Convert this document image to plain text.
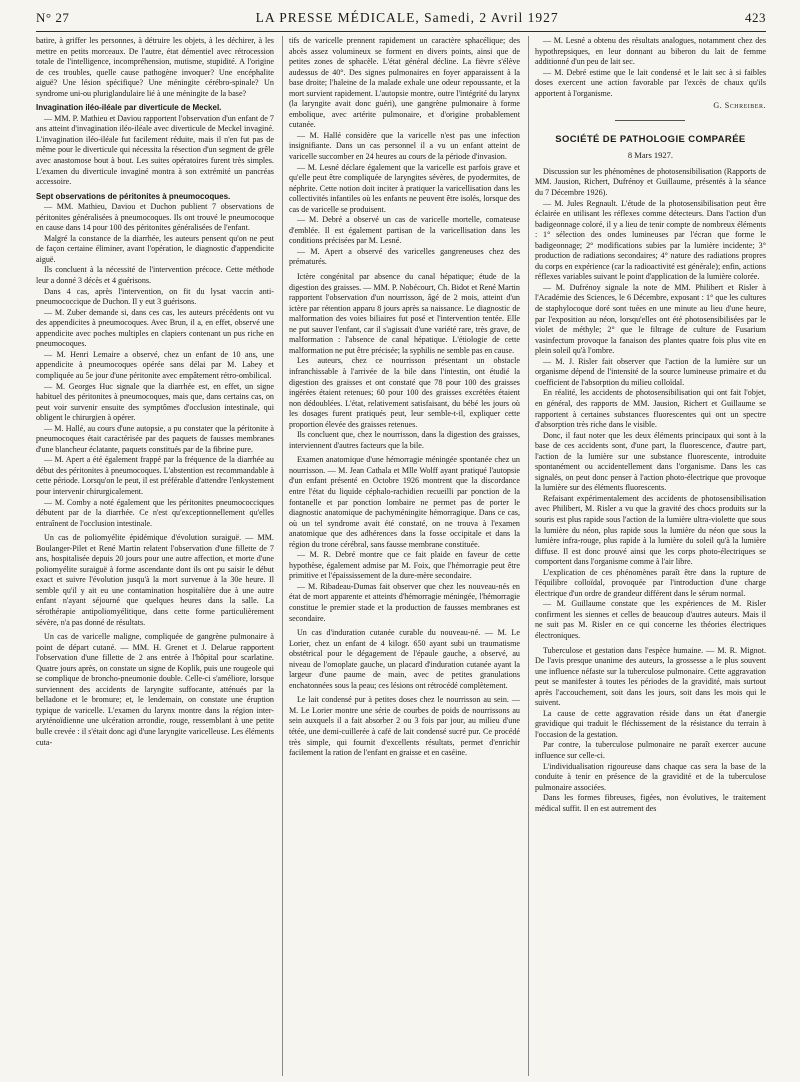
N° 27	LA PRESSE MÉDICALE, Samedi, 2 Avril 1927	423

batire, à griffer les personnes, à détruire les objets, à les déchirer, à les mettre en petits morceaux. De l'autre, état démentiel avec rétrocession totale de l'intelligence, incompréhension, mutisme, stupidité. A l'origine de ces troubles, quelle cause pathogène invoquer? Une encéphalite aiguë? Une lésion spécifique? Une méningite cérébro-spinale? Un syndrome uni-ou pluriglandulaire lié à une méningite de la base?

Invagination iléo-iléale par diverticule de Meckel.

— MM. P. Mathieu et Daviou rapportent l'observation d'un enfant de 7 ans atteint d'invagination iléo-iléale avec diverticule de Meckel invaginé. L'invagination iléo-iléale fut facilement réduite, mais il n'en fut pas de même pour le diverticule qui nécessita la résection d'un segment de grêle avec anastomose bout à bout. Les suites opératoires furent très simples. L'examen du diverticule invaginé montra à son extrémité un pancréas accessoire.

Sept observations de péritonites à pneumocoques.

— MM. Mathieu, Daviou et Duchon publient 7 observations de péritonites généralisées à pneumocoques. Ils ont trouvé le pneumocoque en cause dans 14 pour 100 des péritonites généralisées de l'enfant.

Malgré la constance de la diarrhée, les auteurs pensent qu'on ne peut de façon certaine éliminer, avant l'opération, le diagnostic d'appendicite aiguë.

Ils concluent à la nécessité de l'intervention précoce. Cette méthode leur a donné 3 décès et 4 guérisons.

Dans 4 cas, après l'intervention, on fit du lysat vaccin anti-pneumococcique de Duchon. Il y eut 3 guérisons.

— M. Zuber demande si, dans ces cas, les auteurs précédents ont vu des appendicites à pneumocoques. Avec Brun, il a, en effet, observé une appendicite avec poches multiples en clapiers contenant un pus riche en pneumocoques.

— M. Henri Lemaire a observé, chez un enfant de 10 ans, une appendicite à pneumocoques opérée sans délai par M. Labey et compliquée au 5e jour d'une péritonite avec empâtement rétro-ombilical.

— M. Georges Huc signale que la diarrhée est, en effet, un signe habituel des péritonites à pneumocoques, mais que, dans certains cas, on peut voir survenir ensuite des symptômes d'occlusion intestinale, qui obligent le chirurgien à opérer.

— M. Hallé, au cours d'une autopsie, a pu constater que la péritonite à pneumocoques était caractérisée par des paquets de fausses membranes d'une blancheur éclatante, paquets constitués par de la fibrine pure.

— M. Apert a été également frappé par la fréquence de la diarrhée au début des péritonites à pneumocoques. L'abstention est recommandable à cette période. Lorsqu'on le peut, il est préférable d'attendre l'enkystement pour intervenir chirurgicalement.

— M. Comby a noté également que les péritonites pneumococciques débutent par de la diarrhée. Ce n'est qu'exceptionnellement qu'elles entraînent de l'occlusion intestinale.

Un cas de poliomyélite épidémique d'évolution suraiguë. — MM. Boulanger-Pilet et René Martin relatent l'observation d'une fillette de 7 ans, hospitalisée depuis 20 jours pour une autre affection, et morte d'une poliomyélite suraiguë à forme ascendante dont ils ont pu saisir le début exact et suivre l'évolution jusqu'à la mort survenue à la 30e heure. Il semble qu'il y ait eu une contamination hospitalière due à une autre enfant n'ayant séjourné que quelques heures dans la salle. La sérothérapie antipoliomyélitique, dans cette forme particulièrement sévère, n'a pas donné de résultats.

Un cas de varicelle maligne, compliquée de gangrène pulmonaire à point de départ cutané. — MM. H. Grenet et J. Delarue rapportent l'observation d'une fillette de 2 ans entrée à l'hôpital pour scarlatine. Quatre jours après, on constate un signe de Koplik, puis une rougeole qui se complique de broncho-pneumonie double. Celle-ci s'améliore, lorsque surviennent des accidents de laryngite suffocante, atténués par la belladone et le bromure; et, le lendemain, on constate une éruption typique de varicelle. L'examen du larynx montre dans la région inter-aryténoïdienne une ulcération arrondie, rouge, ressemblant à une petite bulle crevée : il s'était donc agi d'une laryngite varicelleuse. Les éléments cuta-

tifs de varicelle prennent rapidement un caractère sphacélique; des abcès assez volumineux se forment en divers points, ainsi que de petites zones de sphacèle. L'état général décline. La fièvre s'élève audessus de 40°. Des signes pulmonaires en foyer apparaissent à la base droite; l'haleine de la malade exhale une odeur repoussante, et la mort survient rapidement. L'autopsie montre, outre l'intégrité du larynx (la laryngite avait donc guéri), une gangrène pulmonaire à forme embolique, avec artérite pulmonaire, et d'origine probablement cutanée.

— M. Hallé considère que la varicelle n'est pas une infection insignifiante. Dans un cas personnel il a vu un enfant atteint de varicelle succomber en 24 heures au cours de la période d'invasion.

— M. Lesné déclare également que la varicelle est parfois grave et qu'elle peut être compliquée de laryngites sévères, de pyodermites, de néphrite. Cette notion doit inciter à pratiquer la varicellisation dans les collectivités infantiles où les enfants ne peuvent être isolés, lorsque des cas de varicelle se produisent.

— M. Debré a observé un cas de varicelle mortelle, comateuse d'emblée. Il est également partisan de la varicellisation dans les conditions précisées par M. Lesné.

— M. Apert a observé des varicelles gangreneuses chez des prématurés.

Ictère congénital par absence du canal hépatique; étude de la digestion des graisses. — MM. P. Nobécourt, Ch. Bidot et René Martin rapportent l'observation d'un nourrisson, âgé de 2 mois, atteint d'un ictère par rétention apparu 8 jours après sa naissance. Le diagnostic de malformation des voies biliaires fut posé et l'intervention tentée. Elle ne put sauver l'enfant, car il s'agissait d'une variété rare, très grave, de malformation : l'absence de canal hépatique. L'étiologie de cette malformation ne put être précisée; la syphilis ne semble pas en cause.

Les auteurs, chez ce nourrisson présentant un obstacle infranchissable à l'arrivée de la bile dans l'intestin, ont étudié la digestion des graisses et ont constaté que 78 pour 100 des graisses ingérées étaient retenues; 60 pour 100 des graisses excrétées étaient non dédoublées. L'état, relativement satisfaisant, du bébé les jours où les dosages furent pratiqués peut, leur semble-t-il, expliquer cette proportion élevée des graisses retenues.

Ils concluent que, chez le nourrisson, dans la digestion des graisses, interviennent d'autres facteurs que la bile.

Examen anatomique d'une hémorragie méningée spontanée chez un nourrisson. — M. Jean Cathala et Mlle Wolff ayant pratiqué l'autopsie d'un enfant présenté en Octobre 1926 montrent que la discordance entre l'état du liquide céphalo-rachidien recueilli par ponction de la fontanelle et par ponction lombaire ne permet pas de porter le diagnostic anatomique de pachyméningite hémorragique. Dans ce cas, où un tel syndrome avait été constaté, on ne trouva à l'examen anatomique que des adhérences dans la fosse occipitale et dans la région du trone cérébral, sans fausse membrane constituée.

— M. R. Debré montre que ce fait plaide en faveur de cette hypothèse, également admise par M. Foix, que l'hémorragie peut être primitive et l'épaississement de la dure-mère secondaire.

— M. Ribadeau-Dumas fait observer que chez les nouveau-nés en état de mort apparente et atteints d'hémorragie méningée, l'hémorragie constitue le premier stade et la production de fausses membranes est secondaire.

Un cas d'induration cutanée curable du nouveau-né. — M. Le Lorier, chez un enfant de 4 kilogr. 650 ayant subi un traumatisme obstétrical pour le dégagement de l'épaule gauche, a observé, au niveau de l'omoplate gauche, un placard d'induration cutanée ayant la largeur d'une paume de main, avec de petites granulations enchatonnées sous la peau; ces lésions ont rétrocédé complètement.

Le lait condensé pur à petites doses chez le nourrisson au sein. — M. Le Lorier montre une série de courbes de poids de nourrissons au sein auxquels il a fait absorber 2 ou 3 fois par jour, au milieu d'une tétée, une demi-cuillerée à café de lait condensé sucré pur. Ce procédé très simple, qui fournit d'excellents résultats, permet d'enrichir facilement la ration de l'enfant en graisse et en caséine.

— M. Lesné a obtenu des résultats analogues, notamment chez des hypothrepsiques, en leur donnant au biberon du lait de femme additionné d'un peu de lait sec.

— M. Debré estime que le lait condensé et le lait sec à si faibles doses exercent une action favorable par l'excès de chaux qu'ils apportent à l'organisme.

G. Schreiber.

SOCIÉTÉ DE PATHOLOGIE COMPARÉE

8 Mars 1927.

Discussion sur les phénomènes de photosensibilisation (Rapports de MM. Jausion, Richert, Dufrénoy et Guillaume, présentés à la séance du 7 Décembre 1926).

— M. Jules Regnault. L'étude de la photosensibilisation peut être éclairée en utilisant les réflexes comme détecteurs. Dans l'action d'un badigeonnage coloré, il y a lieu de tenir compte de nombreux éléments : 1° sélection des ondes lumineuses par l'écran que forme le badigeonnage; 2° modifications subies par la lumière incidente; 3° production de radiations secondaires; 4° nature des radiations propres du corps en expérience (car la radioactivité est générale); enfin, actions réflexes variables suivant le point d'application de la lumière colorée.

— M. Dufrénoy signale la note de MM. Philibert et Risler à l'Académie des Sciences, le 6 Décembre, exposant : 1° que les cultures de staphylocoque doré sont tuées en une minute au lieu d'une heure, par l'exposition au néon, lorsqu'elles ont été photosensibilisées par le violet de méthyle; 2° que le filtrage de culture de Fusarium vasinfectum provoque la fanaison des plantes quatre fois plus vite en plein soleil qu'à l'ombre.

— M. J. Risler fait observer que l'action de la lumière sur un organisme dépend de l'intensité de la source lumineuse primaire et du coefficient de l'absorption du milieu colloïdal.

En réalité, les accidents de photosensibilisation qui ont fait l'objet, en général, des rapports de MM. Jausion, Richert et Guillaume se rapportent à certaines substances fluorescentes qui ont un spectre d'absorption très riche dans le visible.

Donc, il faut noter que les deux éléments principaux qui sont à la base de ces accidents sont, d'une part, la fluorescence, d'autre part, l'action de la lumière sur une substance fluorescente, introduite spontanément ou accidentellement dans l'organisme. Dans les cas signalés, on peut donc penser à l'action photo-électrique que provoque la lumière sur des éléments fluorescents.

Refaisant expérimentalement des accidents de photosensibilisation avec Philibert, M. Risler a vu que la gravité des chocs produits sur la souris est plus rapide sous l'action de la lumière ultra-violette que sous la lumière du néon, plus rapide sous la lumière du néon que sous la lumière infra-rouge, plus rapide à la lumière du soleil qu'à la lumière diffuse. Il est donc prouvé ainsi que les corps photo-électriques se comportent dans l'organisme comme à l'air libre.

L'explication de ces phénomènes paraît être dans la rupture de l'équilibre colloïdal, provoquée par l'introduction d'une charge électrique d'un ordre de grandeur différent dans le sérum normal.

— M. Guillaume constate que les expériences de M. Risler confirment les siennes et celles de beaucoup d'autres auteurs. Mais il ne suit pas M. Risler en ce qui concerne les théories électriques électroniques.

Tuberculose et gestation dans l'espèce humaine. — M. R. Mignot. De l'avis presque unanime des auteurs, la grossesse a le plus souvent une influence néfaste sur la tuberculose pulmonaire. Cette aggravation peut se manifester à toutes les périodes de la gravidité, mais surtout après l'accouchement, soit dans les jours, soit dans les mois qui le suivent.

La cause de cette aggravation réside dans un état d'anergie gravidique qui traduit le fléchissement de la résistance du terrain à l'occasion de la gestation.

Par contre, la tuberculose pulmonaire ne paraît exercer aucune influence sur celle-ci.

L'individualisation rigoureuse dans chaque cas sera la base de la conduite à tenir en présence de la gravidité et de la tuberculose pulmonaire associées.

Dans les formes fibreuses, figées, non évolutives, le traitement médical suffit. Il en est autrement des
